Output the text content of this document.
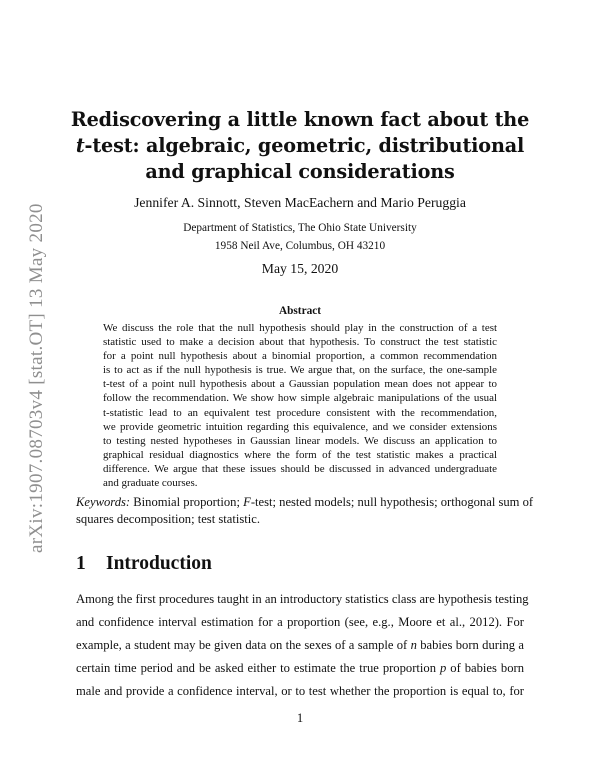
arXiv:1907.08703v4 [stat.OT] 13 May 2020
Rediscovering a little known fact about the
t-test: algebraic, geometric, distributional
and graphical considerations
Jennifer A. Sinnott, Steven MacEachern and Mario Peruggia
Department of Statistics, The Ohio State University
1958 Neil Ave, Columbus, OH 43210
May 15, 2020
Abstract
We discuss the role that the null hypothesis should play in the construction of a test
statistic used to make a decision about that hypothesis. To construct the test statistic
for a point null hypothesis about a binomial proportion, a common recommendation
is to act as if the null hypothesis is true. We argue that, on the surface, the one-sample
t-test of a point null hypothesis about a Gaussian population mean does not appear to
follow the recommendation. We show how simple algebraic manipulations of the usual
t-statistic lead to an equivalent test procedure consistent with the recommendation,
we provide geometric intuition regarding this equivalence, and we consider extensions
to testing nested hypotheses in Gaussian linear models. We discuss an application to
graphical residual diagnostics where the form of the test statistic makes a practical
difference. We argue that these issues should be discussed in advanced undergraduate
and graduate courses.
Keywords: Binomial proportion; F-test; nested models; null hypothesis; orthogonal sum of
squares decomposition; test statistic.
1 Introduction
Among the first procedures taught in an introductory statistics class are hypothesis testing
and confidence interval estimation for a proportion (see, e.g., Moore et al., 2012). For
example, a student may be given data on the sexes of a sample of n babies born during a
certain time period and be asked either to estimate the true proportion p of babies born
male and provide a confidence interval, or to test whether the proportion is equal to, for
1
